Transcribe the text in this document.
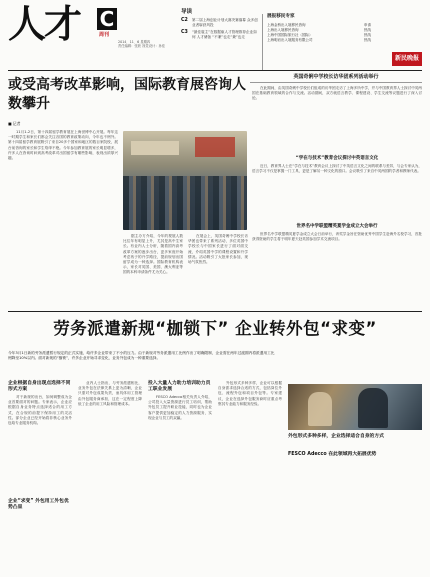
人才 C
周刊
2014．11．6 星期四
责任编辑：张欣 视觉设计：孙佳
导读
C2	第二届上海创业计划大赛决赛落幕 众多创业者崭获风投
C3	“最佳雇主”在数据驱人才管理推荐企业如何 人才储备 “不兼”也走“兼”也走
展报移民专家
上海金桥出入境移民咨询	申请
上海出入境移民咨询	热线
上海中国国际旅行社（国际）	热线
上海明岩出入境服务有限公司	热线
新民晚报
或受高考改革影响，国际教育展咨询人数攀升
英国奇俐中学校长访华团系列活动举行
■ 记者

11月1-2日，第十四届留学教育展在上海世博中心开展。每年这一时期学生和家长们都会关注各国的教育政策动向，今年也不例外。第十四届留学教育展吸引了来自20多个国家和地区的数百家院校，展台前咨询的家长和学生络绎不绝。今年参加教育展的家长明显增多，许多人在咨询时问到高考改革对出国留学有哪些影响，表现出浓厚兴趣。

据主办方介绍，今年的观展人数比往年有明显上升，尤其是高中生家长。有业内人士分析，随着国内高考改革方案的逐步出台，更多家庭开始考虑孩子的升学路径，提前规划出国留学成为一种选择。国际教育机构表示，家长对英国、美国、澳大利亚等国的本科申请条件尤为关心。

在展会上，英国奇俐中学校长访华团也带来了系列活动，多位英国中学校长与中国家长进行了面对面交流，介绍英国中学的课程设置和升学情况。活动吸引了大批家长参加，现场气氛热烈。

在此期间，由英国奇俐中学校长们组成的访华团走访了上海多所中学，并与中国教育界人士探讨中英两国在基础教育领域的合作与交流。活动期间，双方就语言教学、课程建设、学生交流等议题进行了深入讨论。

“学在与技术”教育会议探讨中英语言文化

近日，教育界人士在“学在与技术”教育会议上探讨了中英语言文化之间的联系与差异，与会专家认为，语言学习不仅是掌握一门工具，更是了解另一种文化的窗口。会议吸引了来自中英两国的学者和教师代表。

世界名中学联盟精英夏学金成立大会举行

世界名中学联盟精英夏学金成立大会日前举行，该奖学金旨在资助优秀中国学生赴海外名校学习，首批获得资助的学生将于明年夏天赴英国参加学术交流项目。

劳务派遣新规“枷锁下” 企业转外包“求变”
今年3月1日新的劳务派遣暂行规定的正式实施，给许多企业带来了不小的压力。由于新规对劳务派遣用工比例作出了明确限制，企业需在两年过渡期内将派遣用工比例降至10%以内。面对新规的“枷锁”，许多企业开始寻求变化，业务外包成为一种重要选择。
企业根据自身出现点选择不同形式方案

对于新规的出台，如何调整成为企业首要面对的问题。专家表示，企业应根据自身业务特点选择适合的用工方式，在合规的前提下保持用工的灵活性。部分企业已经开始将非核心业务外包给专业服务机构。

企业“求变” 外包用工外包优势凸显

业内人士指出，与劳务派遣相比，业务外包在法律关系上更为清晰，企业只需对外包成果负责，而具体用工管理由外包服务商承担，这在一定程度上降低了企业的用工风险和管理成本。

投入大量人力助力培训助力员工职业发展

FESCO Adecco相关负责人介绍，公司投入大量资源进行员工培训，帮助外包员工提升职业技能，同时也为企业客户提供更加稳定的人力资源服务，实现企业与员工的双赢。

外包形式多种多样，企业可以根据自身需求选择合适的方式，包括岗位外包、流程外包和项目外包等。专家建议，企业在选择外包服务商时应重点考察其专业能力和服务经验。

外包形式多种多样，企业选择适合自身的方式
FESCO Adecco 在此领域再大拓展优势
